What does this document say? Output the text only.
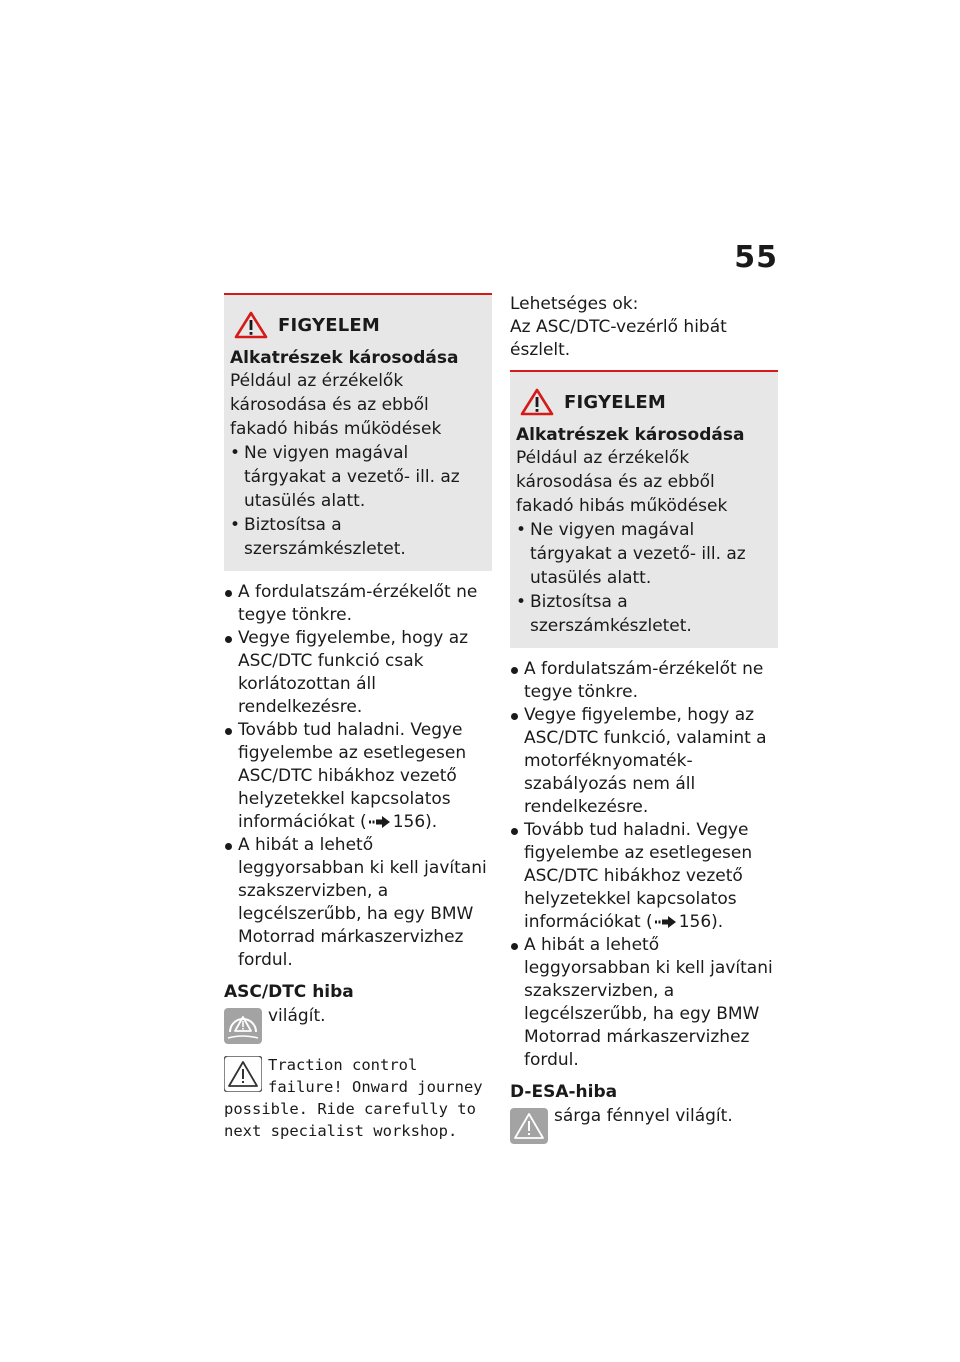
55
FIGYELEM
Alkatrészek károsodása
Például az érzékelők károsodása és az ebből fakadó hibás működések
• Ne vigyen magával tárgyakat a vezető- ill. az utasülés alatt.
• Biztosítsa a szerszámkészletet.
A fordulatszám-érzékelőt ne tegye tönkre.
Vegye figyelembe, hogy az ASC/DTC funkció csak korlátozottan áll rendelkezésre.
Tovább tud haladni. Vegye figyelembe az esetlegesen ASC/DTC hibákhoz vezető helyzetekkel kapcsolatos információkat ( 156).
A hibát a lehető leggyorsabban ki kell javítani szakszervizben, a legcélszerűbb, ha egy BMW Motorrad márkaszervizhez fordul.
ASC/DTC hiba
világít.
Traction control failure! Onward journey possible. Ride carefully to next specialist workshop.
Lehetséges ok:
Az ASC/DTC-vezérlő hibát észlelt.
FIGYELEM
Alkatrészek károsodása
Például az érzékelők károsodása és az ebből fakadó hibás működések
• Ne vigyen magával tárgyakat a vezető- ill. az utasülés alatt.
• Biztosítsa a szerszámkészletet.
A fordulatszám-érzékelőt ne tegye tönkre.
Vegye figyelembe, hogy az ASC/DTC funkció, valamint a motorféknyomaték-szabályozás nem áll rendelkezésre.
Tovább tud haladni. Vegye figyelembe az esetlegesen ASC/DTC hibákhoz vezető helyzetekkel kapcsolatos információkat ( 156).
A hibát a lehető leggyorsabban ki kell javítani szakszervizben, a legcélszerűbb, ha egy BMW Motorrad márkaszervizhez fordul.
D-ESA-hiba
sárga fénnyel világít.
